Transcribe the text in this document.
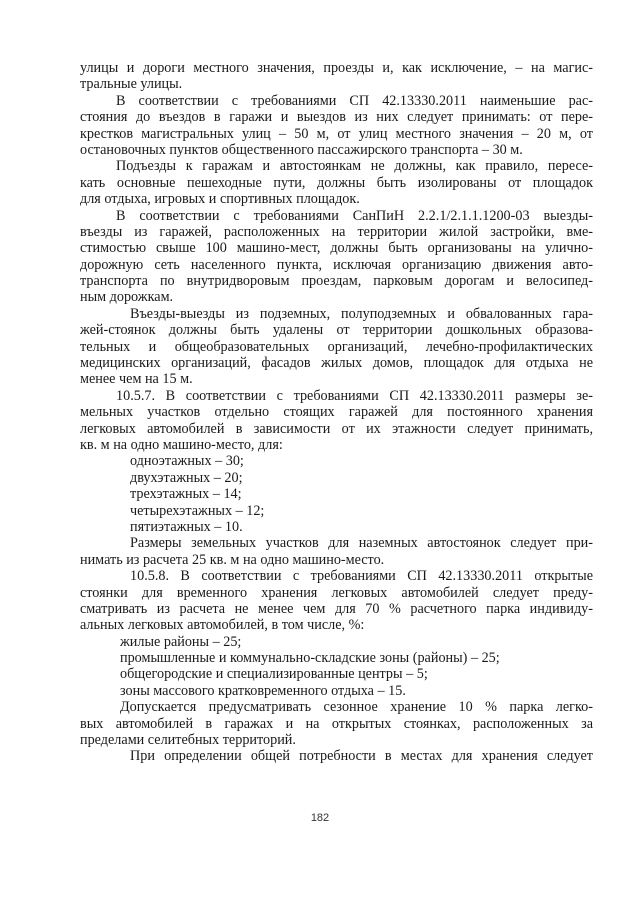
улицы и дороги местного значения, проезды и, как исключение, – на магис-
тральные улицы.
В соответствии с требованиями СП 42.13330.2011 наименьшие рас-
стояния до въездов в гаражи и выездов из них следует принимать: от пере-
крестков магистральных улиц – 50 м, от улиц местного значения – 20 м, от
остановочных пунктов общественного пассажирского транспорта – 30 м.
Подъезды к гаражам и автостоянкам не должны, как правило, пересе-
кать основные пешеходные пути, должны быть изолированы от площадок
для отдыха, игровых и спортивных площадок.
В соответствии с требованиями СанПиН 2.2.1/2.1.1.1200-03 выезды-
въезды из гаражей, расположенных на территории жилой застройки, вме-
стимостью свыше 100 машино-мест, должны быть организованы на улично-
дорожную сеть населенного пункта, исключая организацию движения авто-
транспорта по внутридворовым проездам, парковым дорогам и велосипед-
ным дорожкам.
Въезды-выезды из подземных, полуподземных и обвалованных гара-
жей-стоянок должны быть удалены от территории дошкольных образова-
тельных и общеобразовательных организаций, лечебно-профилактических
медицинских организаций, фасадов жилых домов, площадок для отдыха не
менее чем на 15 м.
10.5.7. В соответствии с требованиями СП 42.13330.2011 размеры зе-
мельных участков отдельно стоящих гаражей для постоянного хранения
легковых автомобилей в зависимости от их этажности следует принимать,
кв. м на одно машино-место, для:
одноэтажных – 30;
двухэтажных – 20;
трехэтажных – 14;
четырехэтажных – 12;
пятиэтажных – 10.
Размеры земельных участков для наземных автостоянок следует при-
нимать из расчета 25 кв. м на одно машино-место.
10.5.8. В соответствии с требованиями СП 42.13330.2011 открытые
стоянки для временного хранения легковых автомобилей следует преду-
сматривать из расчета не менее чем для 70 % расчетного парка индивиду-
альных легковых автомобилей, в том числе, %:
жилые районы – 25;
промышленные и коммунально-складские зоны (районы) – 25;
общегородские и специализированные центры – 5;
зоны массового кратковременного отдыха – 15.
Допускается предусматривать сезонное хранение 10 % парка легко-
вых автомобилей в гаражах и на открытых стоянках, расположенных за
пределами селитебных территорий.
При определении общей потребности в местах для хранения следует
182
